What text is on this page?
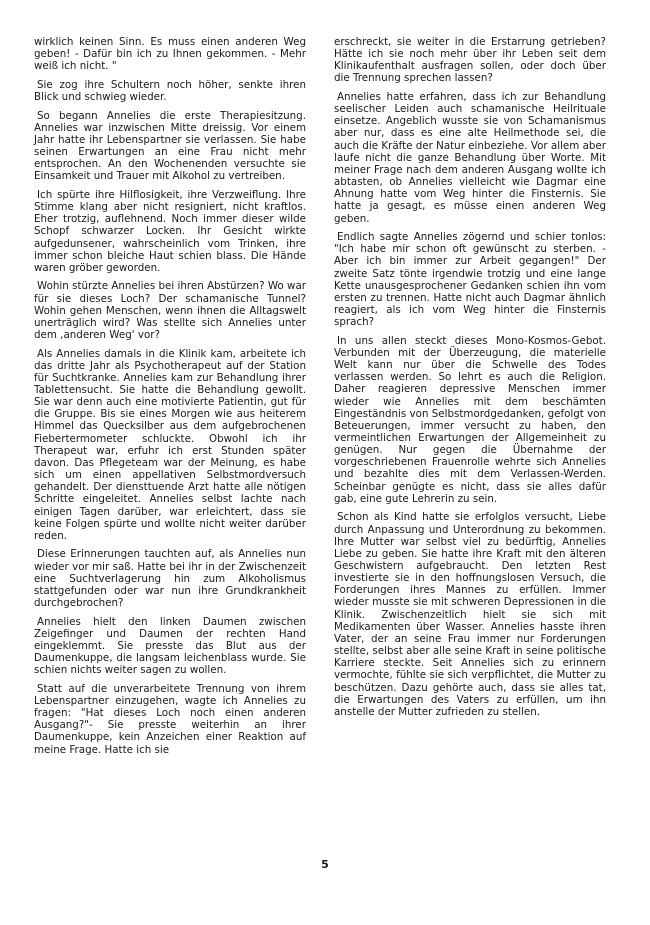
wirklich keinen Sinn. Es muss einen anderen Weg geben! - Dafür bin ich zu Ihnen gekommen. - Mehr weiß ich nicht. "

Sie zog ihre Schultern noch höher, senkte ihren Blick und schwieg wieder.

So begann Annelies die erste Therapiesitzung. Annelies war inzwischen Mitte dreissig. Vor einem Jahr hatte ihr Lebenspartner sie verlassen. Sie habe seinen Erwartungen an eine Frau nicht mehr entsprochen. An den Wochenenden versuchte sie Einsamkeit und Trauer mit Alkohol zu vertreiben.

Ich spürte ihre Hilflosigkeit, ihre Verzweiflung. Ihre Stimme klang aber nicht resigniert, nicht kraftlos. Eher trotzig, auflehnend. Noch immer dieser wilde Schopf schwarzer Locken. Ihr Gesicht wirkte aufgedunsener, wahrscheinlich vom Trinken, ihre immer schon bleiche Haut schien blass. Die Hände waren gröber geworden.

Wohin stürzte Annelies bei ihren Abstürzen? Wo war für sie dieses Loch? Der schamanische Tunnel? Wohin gehen Menschen, wenn ihnen die Alltagswelt unerträglich wird? Was stellte sich Annelies unter dem ‚anderen Weg' vor?

Als Annelies damals in die Klinik kam, arbeitete ich das dritte Jahr als Psychotherapeut auf der Station für Suchtkranke. Annelies kam zur Behandlung ihrer Tablettensucht. Sie hatte die Behandlung gewollt. Sie war denn auch eine motivierte Patientin, gut für die Gruppe. Bis sie eines Morgen wie aus heiterem Himmel das Quecksilber aus dem aufgebrochenen Fiebertermometer schluckte. Obwohl ich ihr Therapeut war, erfuhr ich erst Stunden später davon. Das Pflegeteam war der Meinung, es habe sich um einen appellativen Selbstmordversuch gehandelt. Der diensttuende Arzt hatte alle nötigen Schritte eingeleitet. Annelies selbst lachte nach einigen Tagen darüber, war erleichtert, dass sie keine Folgen spürte und wollte nicht weiter darüber reden.

Diese Erinnerungen tauchten auf, als Annelies nun wieder vor mir saß. Hatte bei ihr in der Zwischenzeit eine Suchtverlagerung hin zum Alkoholismus stattgefunden oder war nun ihre Grundkrankheit durchgebrochen?

Annelies hielt den linken Daumen zwischen Zeigefinger und Daumen der rechten Hand eingeklemmt. Sie presste das Blut aus der Daumenkuppe, die langsam leichenblass wurde. Sie schien nichts weiter sagen zu wollen.

Statt auf die unverarbeitete Trennung von ihrem Lebenspartner einzugehen, wagte ich Annelies zu fragen: "Hat dieses Loch noch einen anderen Ausgang?"- Sie presste weiterhin an ihrer Daumenkuppe, kein Anzeichen einer Reaktion auf meine Frage. Hatte ich sie

erschreckt, sie weiter in die Erstarrung getrieben? Hätte ich sie noch mehr über ihr Leben seit dem Klinikaufenthalt ausfragen sollen, oder doch über die Trennung sprechen lassen?

Annelies hatte erfahren, dass ich zur Behandlung seelischer Leiden auch schamanische Heilrituale einsetze. Angeblich wusste sie von Schamanismus aber nur, dass es eine alte Heilmethode sei, die auch die Kräfte der Natur einbeziehe. Vor allem aber laufe nicht die ganze Behandlung über Worte. Mit meiner Frage nach dem anderen Ausgang wollte ich abtasten, ob Annelies vielleicht wie Dagmar eine Ahnung hatte vom Weg hinter die Finsternis. Sie hatte ja gesagt, es müsse einen anderen Weg geben.

Endlich sagte Annelies zögernd und schier tonlos: "Ich habe mir schon oft gewünscht zu sterben. - Aber ich bin immer zur Arbeit gegangen!" Der zweite Satz tönte irgendwie trotzig und eine lange Kette unausgesprochener Gedanken schien ihn vom ersten zu trennen. Hatte nicht auch Dagmar ähnlich reagiert, als ich vom Weg hinter die Finsternis sprach?

In uns allen steckt dieses Mono-Kosmos-Gebot. Verbunden mit der Überzeugung, die materielle Welt kann nur über die Schwelle des Todes verlassen werden. So lehrt es auch die Religion. Daher reagieren depressive Menschen immer wieder wie Annelies mit dem beschämten Eingeständnis von Selbstmordgedanken, gefolgt von Beteuerungen, immer versucht zu haben, den vermeintlichen Erwartungen der Allgemeinheit zu genügen. Nur gegen die Übernahme der vorgeschriebenen Frauenrolle wehrte sich Annelies und bezahlte dies mit dem Verlassen-Werden. Scheinbar genügte es nicht, dass sie alles dafür gab, eine gute Lehrerin zu sein.

Schon als Kind hatte sie erfolglos versucht, Liebe durch Anpassung und Unterordnung zu bekommen. Ihre Mutter war selbst viel zu bedürftig, Annelies Liebe zu geben. Sie hatte ihre Kraft mit den älteren Geschwistern aufgebraucht. Den letzten Rest investierte sie in den hoffnungslosen Versuch, die Forderungen ihres Mannes zu erfüllen. Immer wieder musste sie mit schweren Depressionen in die Klinik. Zwischenzeitlich hielt sie sich mit Medikamenten über Wasser. Annelies hasste ihren Vater, der an seine Frau immer nur Forderungen stellte, selbst aber alle seine Kraft in seine politische Karriere steckte. Seit Annelies sich zu erinnern vermochte, fühlte sie sich verpflichtet, die Mutter zu beschützen. Dazu gehörte auch, dass sie alles tat, die Erwartungen des Vaters zu erfüllen, um ihn anstelle der Mutter zufrieden zu stellen.

5
